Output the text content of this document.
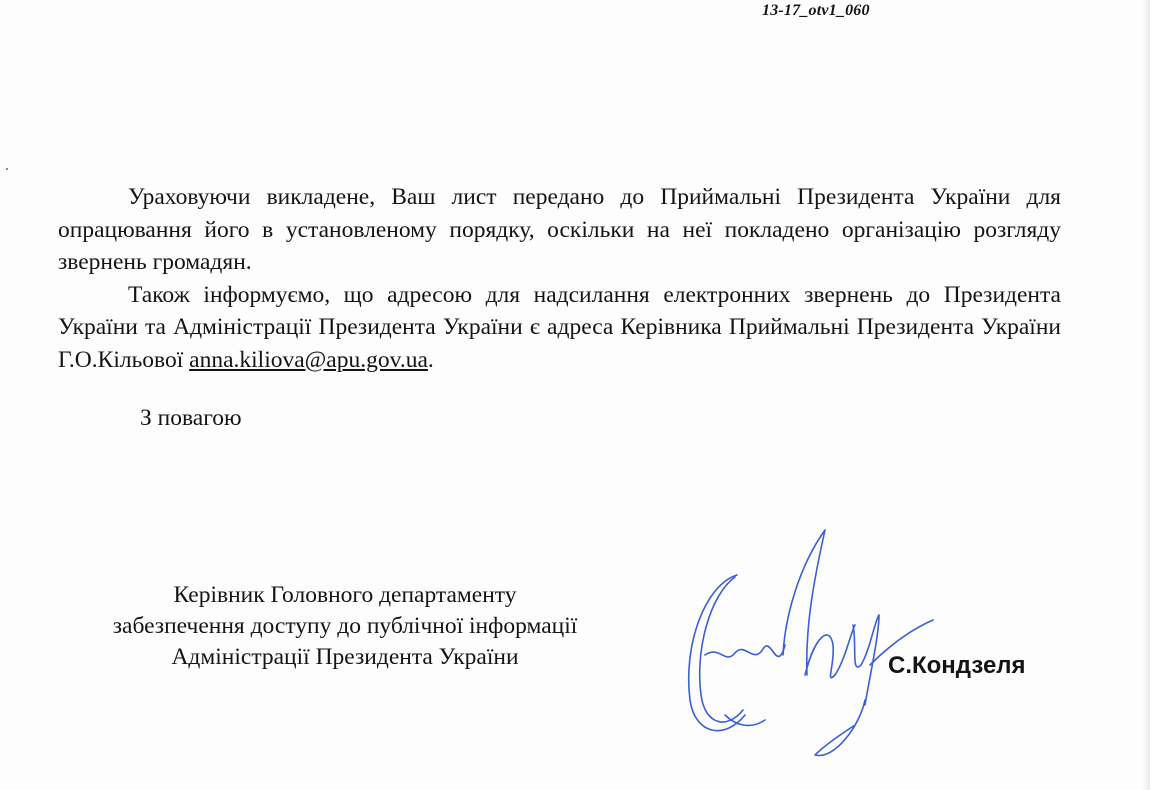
13-17_otv1_060

Ураховуючи викладене, Ваш лист передано до Приймальні Президента України для опрацювання його в установленому порядку, оскільки на неї покладено організацію розгляду звернень громадян.

Також інформуємо, що адресою для надсилання електронних звернень до Президента України та Адміністрації Президента України є адреса Керівника Приймальні Президента України Г.О.Кільової anna.kiliova@apu.gov.ua.

З повагою
Керівник Головного департаменту
забезпечення доступу до публічної інформації
Адміністрації Президента України	С.Кондзеля
